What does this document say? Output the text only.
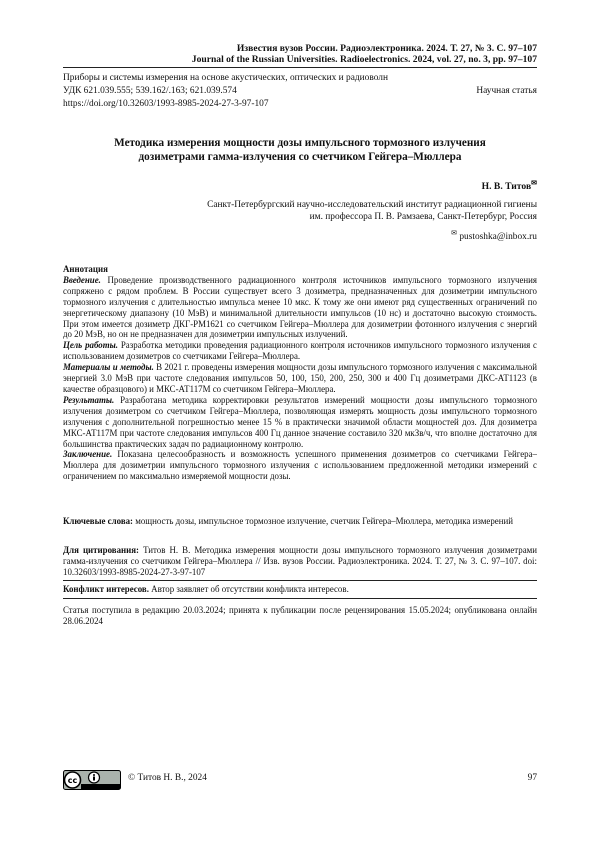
Известия вузов России. Радиоэлектроника. 2024. Т. 27, № 3. С. 97–107
Journal of the Russian Universities. Radioelectronics. 2024, vol. 27, no. 3, pp. 97–107
Приборы и системы измерения на основе акустических, оптических и радиоволн
УДК 621.039.555; 539.162/.163; 621.039.574	Научная статья
https://doi.org/10.32603/1993-8985-2024-27-3-97-107
Методика измерения мощности дозы импульсного тормозного излучения
дозиметрами гамма-излучения со счетчиком Гейгера–Мюллера
Н. В. Титов✉
Санкт-Петербургский научно-исследовательский институт радиационной гигиены
им. профессора П. В. Рамзаева, Санкт-Петербург, Россия
✉ pustoshka@inbox.ru

Аннотация

Введение. Проведение производственного радиационного контроля источников импульсного тормозного излучения сопряжено с рядом проблем. В России существует всего 3 дозиметра, предназначенных для дозиметрии импульсного тормозного излучения с длительностью импульса менее 10 мкс. К тому же они имеют ряд существенных ограничений по энергетическому диапазону (10 МэВ) и минимальной длительности импульсов (10 нс) и достаточно высокую стоимость. При этом имеется дозиметр ДКГ-РМ1621 со счетчиком Гейгера–Мюллера для дозиметрии фотонного излучения с энергий до 20 МэВ, но он не предназначен для дозиметрии импульсных излучений.

Цель работы. Разработка методики проведения радиационного контроля источников импульсного тормозного излучения с использованием дозиметров со счетчиками Гейгера–Мюллера.

Материалы и методы. В 2021 г. проведены измерения мощности дозы импульсного тормозного излучения с максимальной энергией 3.0 МэВ при частоте следования импульсов 50, 100, 150, 200, 250, 300 и 400 Гц дозиметрами ДКС-АТ1123 (в качестве образцового) и МКС-АТ117М со счетчиком Гейгера–Мюллера.

Результаты. Разработана методика корректировки результатов измерений мощности дозы импульсного тормозного излучения дозиметром со счетчиком Гейгера–Мюллера, позволяющая измерять мощность дозы импульсного тормозного излучения с дополнительной погрешностью менее 15 % в практически значимой области мощностей доз. Для дозиметра МКС-АТ117М при частоте следования импульсов 400 Гц данное значение составило 320 мкЗв/ч, что вполне достаточно для большинства практических задач по радиационному контролю.

Заключение. Показана целесообразность и возможность успешного применения дозиметров со счетчиками Гейгера–Мюллера для дозиметрии импульсного тормозного излучения с использованием предложенной методики измерений с ограничением по максимально измеряемой мощности дозы.

Ключевые слова: мощность дозы, импульсное тормозное излучение, счетчик Гейгера–Мюллера, методика измерений
Для цитирования: Титов Н. В. Методика измерения мощности дозы импульсного тормозного излучения дозиметрами гамма-излучения со счетчиком Гейгера–Мюллера // Изв. вузов России. Радиоэлектроника. 2024. Т. 27, № 3. С. 97–107. doi: 10.32603/1993-8985-2024-27-3-97-107
Конфликт интересов. Автор заявляет об отсутствии конфликта интересов.
Статья поступила в редакцию 20.03.2024; принята к публикации после рецензирования 15.05.2024; опубликована онлайн 28.06.2024
cc	© Титов Н. В., 2024	97
